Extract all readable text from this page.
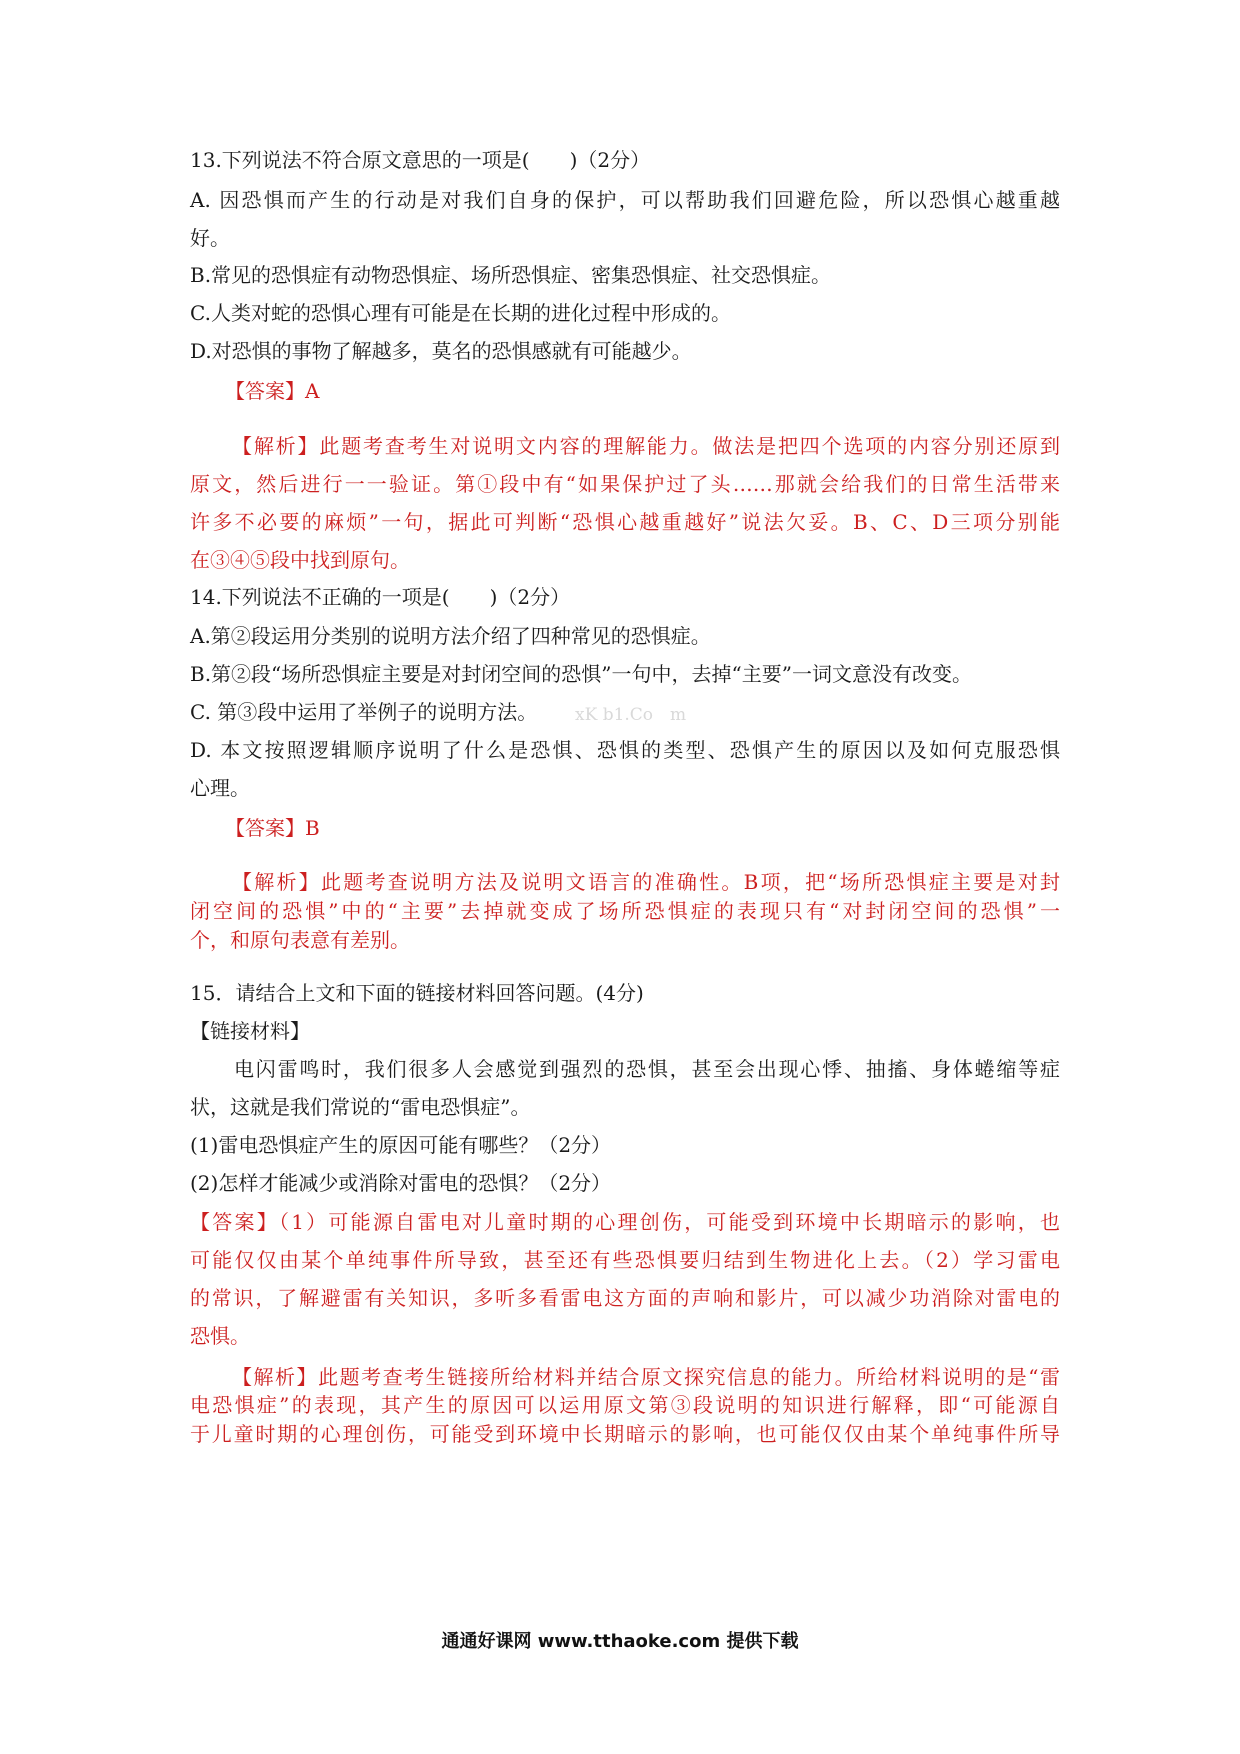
13.下列说法不符合原文意思的一项是(　　)（2分）
A. 因恐惧而产生的行动是对我们自身的保护，可以帮助我们回避危险，所以恐惧心越重越
好。
B.常见的恐惧症有动物恐惧症、场所恐惧症、密集恐惧症、社交恐惧症。
C.人类对蛇的恐惧心理有可能是在长期的进化过程中形成的。
D.对恐惧的事物了解越多，莫名的恐惧感就有可能越少。
【答案】A
【解析】此题考查考生对说明文内容的理解能力。做法是把四个选项的内容分别还原到
原文，然后进行一一验证。第①段中有“如果保护过了头……那就会给我们的日常生活带来
许多不必要的麻烦”一句，据此可判断“恐惧心越重越好”说法欠妥。B、C、D三项分别能
在③④⑤段中找到原句。
14.下列说法不正确的一项是(　　)（2分）
A.第②段运用分类别的说明方法介绍了四种常见的恐惧症。
B.第②段“场所恐惧症主要是对封闭空间的恐惧”一句中，去掉“主要”一词文意没有改变。
C. 第③段中运用了举例子的说明方法。	xK b1.Co　m
D. 本文按照逻辑顺序说明了什么是恐惧、恐惧的类型、恐惧产生的原因以及如何克服恐惧
心理。
【答案】B
【解析】此题考查说明方法及说明文语言的准确性。B项，把“场所恐惧症主要是对封
闭空间的恐惧”中的“主要”去掉就变成了场所恐惧症的表现只有“对封闭空间的恐惧”一
个，和原句表意有差别。
15．请结合上文和下面的链接材料回答问题。(4分)
【链接材料】
电闪雷鸣时，我们很多人会感觉到强烈的恐惧，甚至会出现心悸、抽搐、身体蜷缩等症
状，这就是我们常说的“雷电恐惧症”。
(1)雷电恐惧症产生的原因可能有哪些？（2分）
(2)怎样才能减少或消除对雷电的恐惧？（2分）
【答案】（1）可能源自雷电对儿童时期的心理创伤，可能受到环境中长期暗示的影响，也
可能仅仅由某个单纯事件所导致，甚至还有些恐惧要归结到生物进化上去。（2）学习雷电
的常识，了解避雷有关知识，多听多看雷电这方面的声响和影片，可以减少功消除对雷电的
恐惧。
【解析】此题考查考生链接所给材料并结合原文探究信息的能力。所给材料说明的是“雷
电恐惧症”的表现，其产生的原因可以运用原文第③段说明的知识进行解释，即“可能源自
于儿童时期的心理创伤，可能受到环境中长期暗示的影响，也可能仅仅由某个单纯事件所导
通通好课网 www.tthaoke.com 提供下载
